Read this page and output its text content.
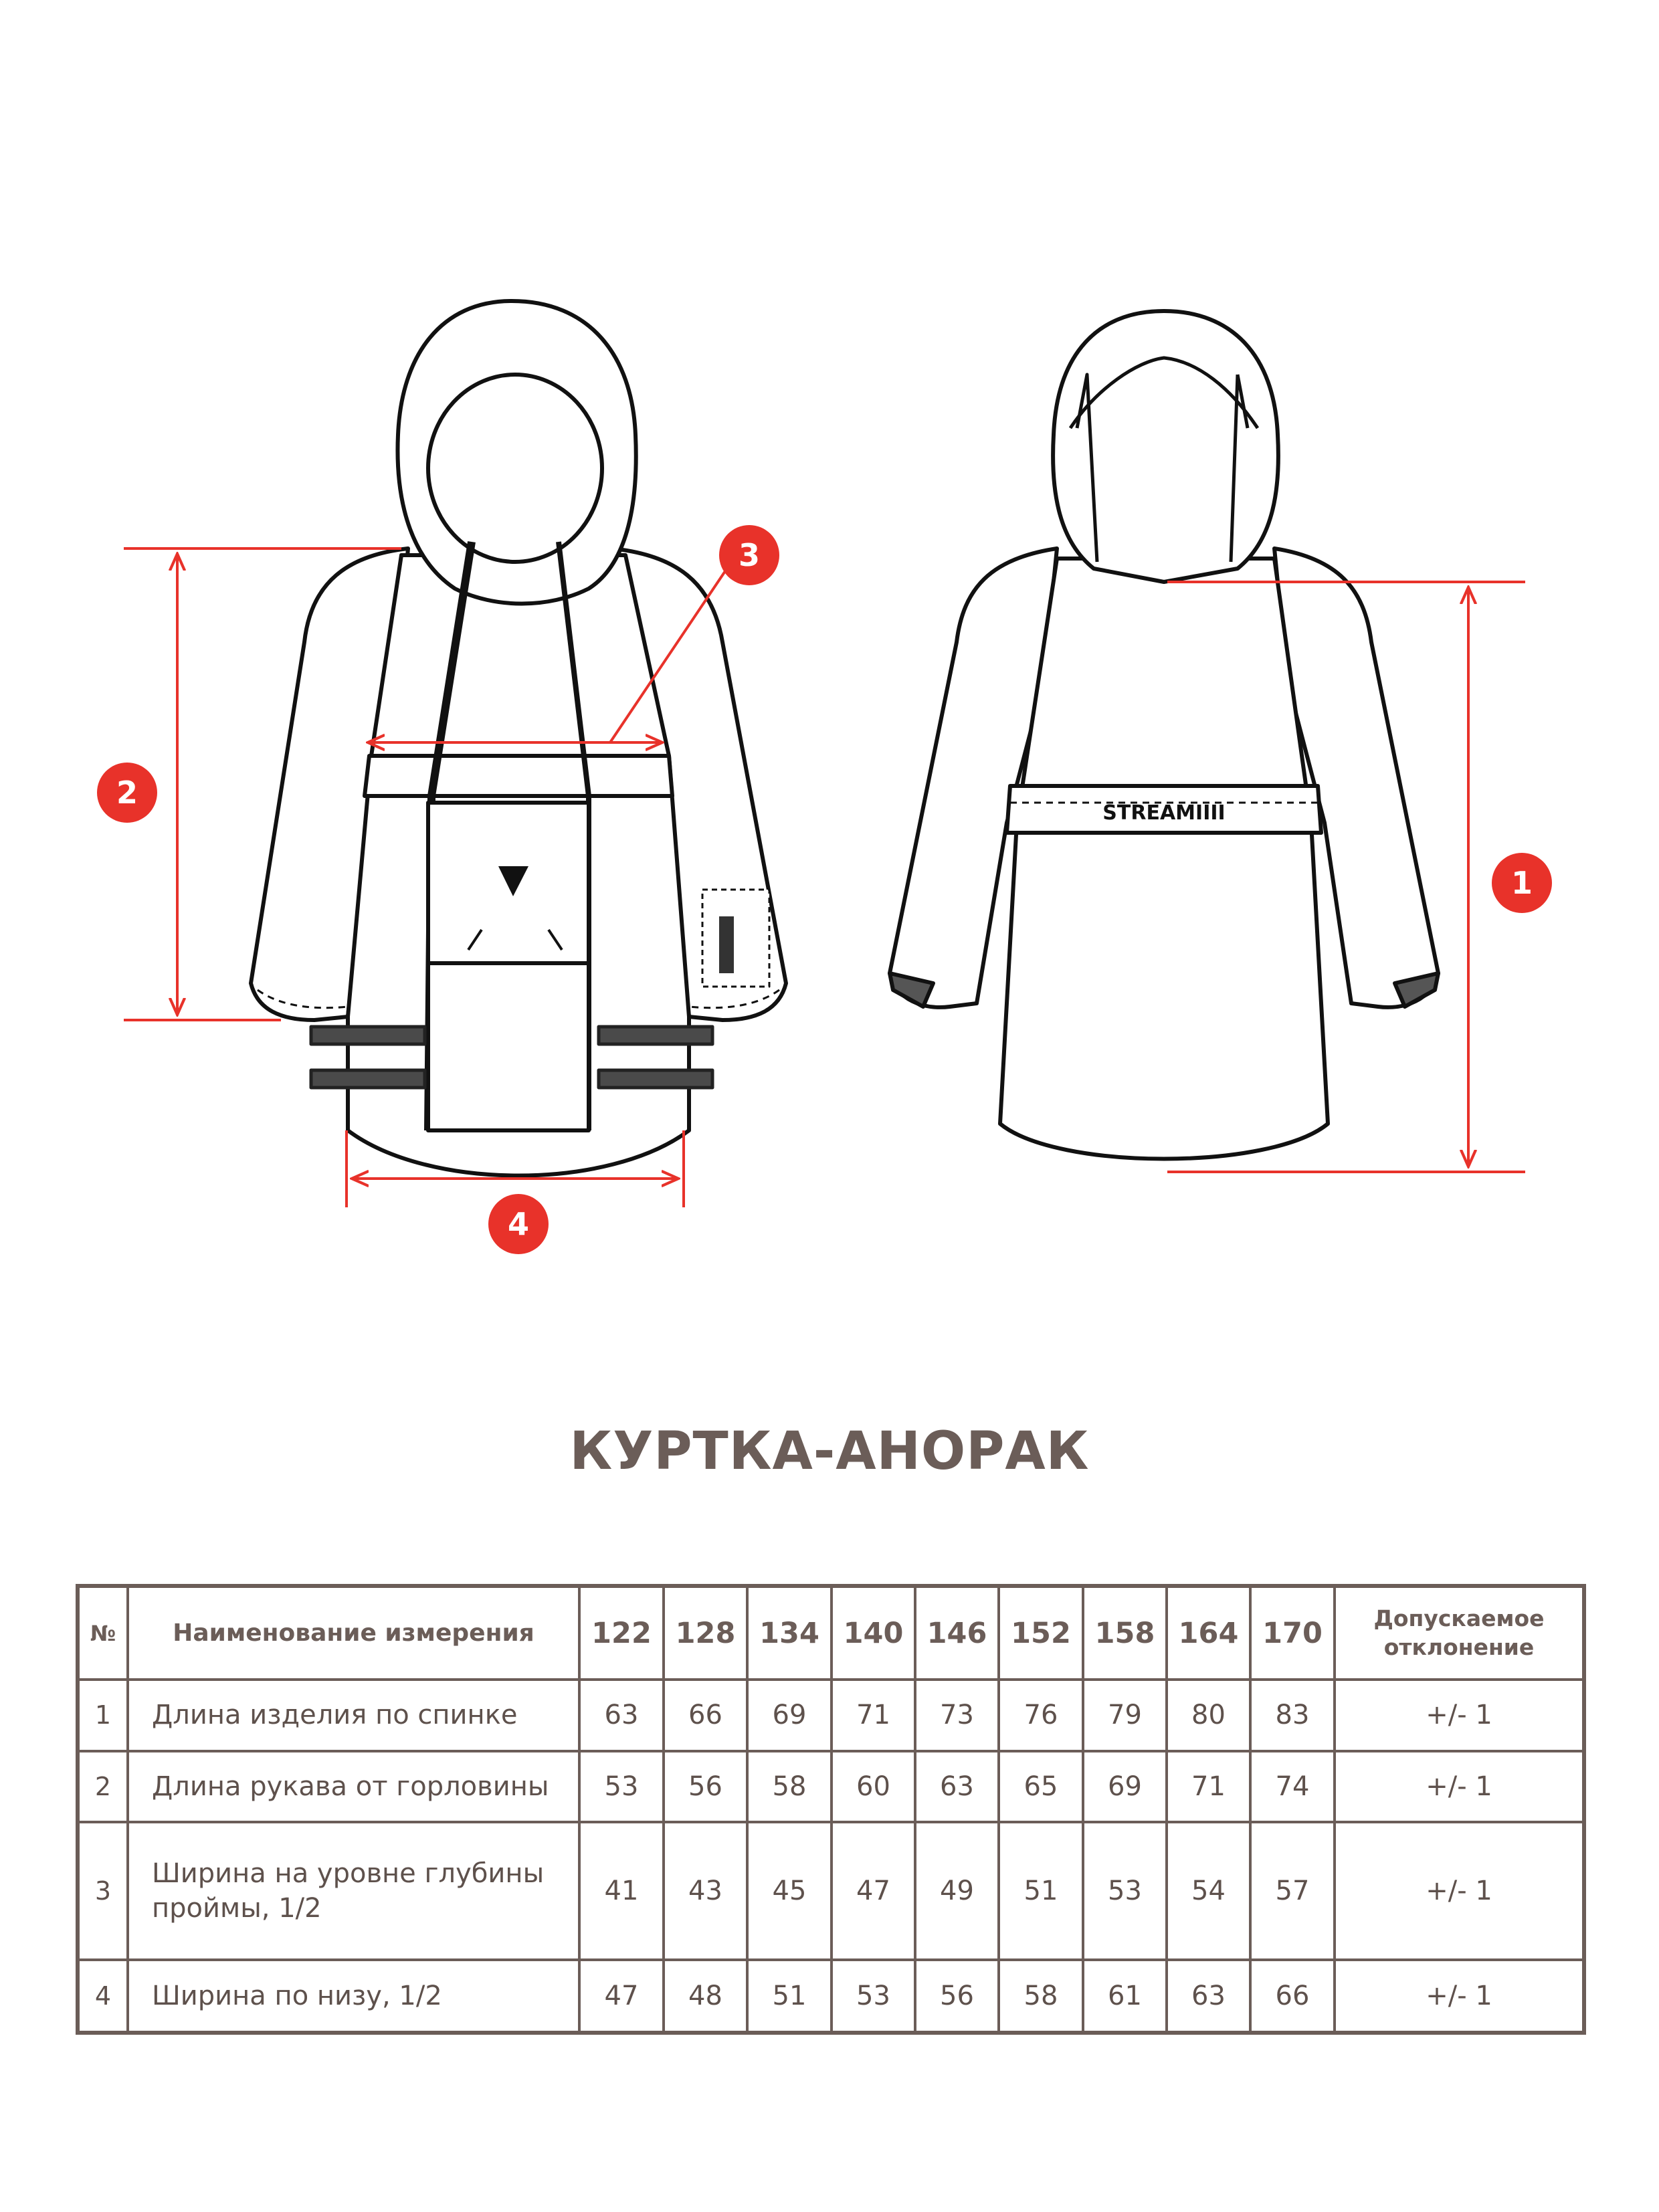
STREAMIIII
1
2
3
4
КУРТКА-АНОРАК
№	Наименование измерения	122	128	134	140	146	152	158	164	170	Допускаемое
отклонение
1	Длина изделия по спинке	63	66	69	71	73	76	79	80	83	+/- 1
2	Длина рукава от горловины	53	56	58	60	63	65	69	71	74	+/- 1
3	Ширина на уровне глубины проймы, 1/2	41	43	45	47	49	51	53	54	57	+/- 1
4	Ширина по низу, 1/2	47	48	51	53	56	58	61	63	66	+/- 1
